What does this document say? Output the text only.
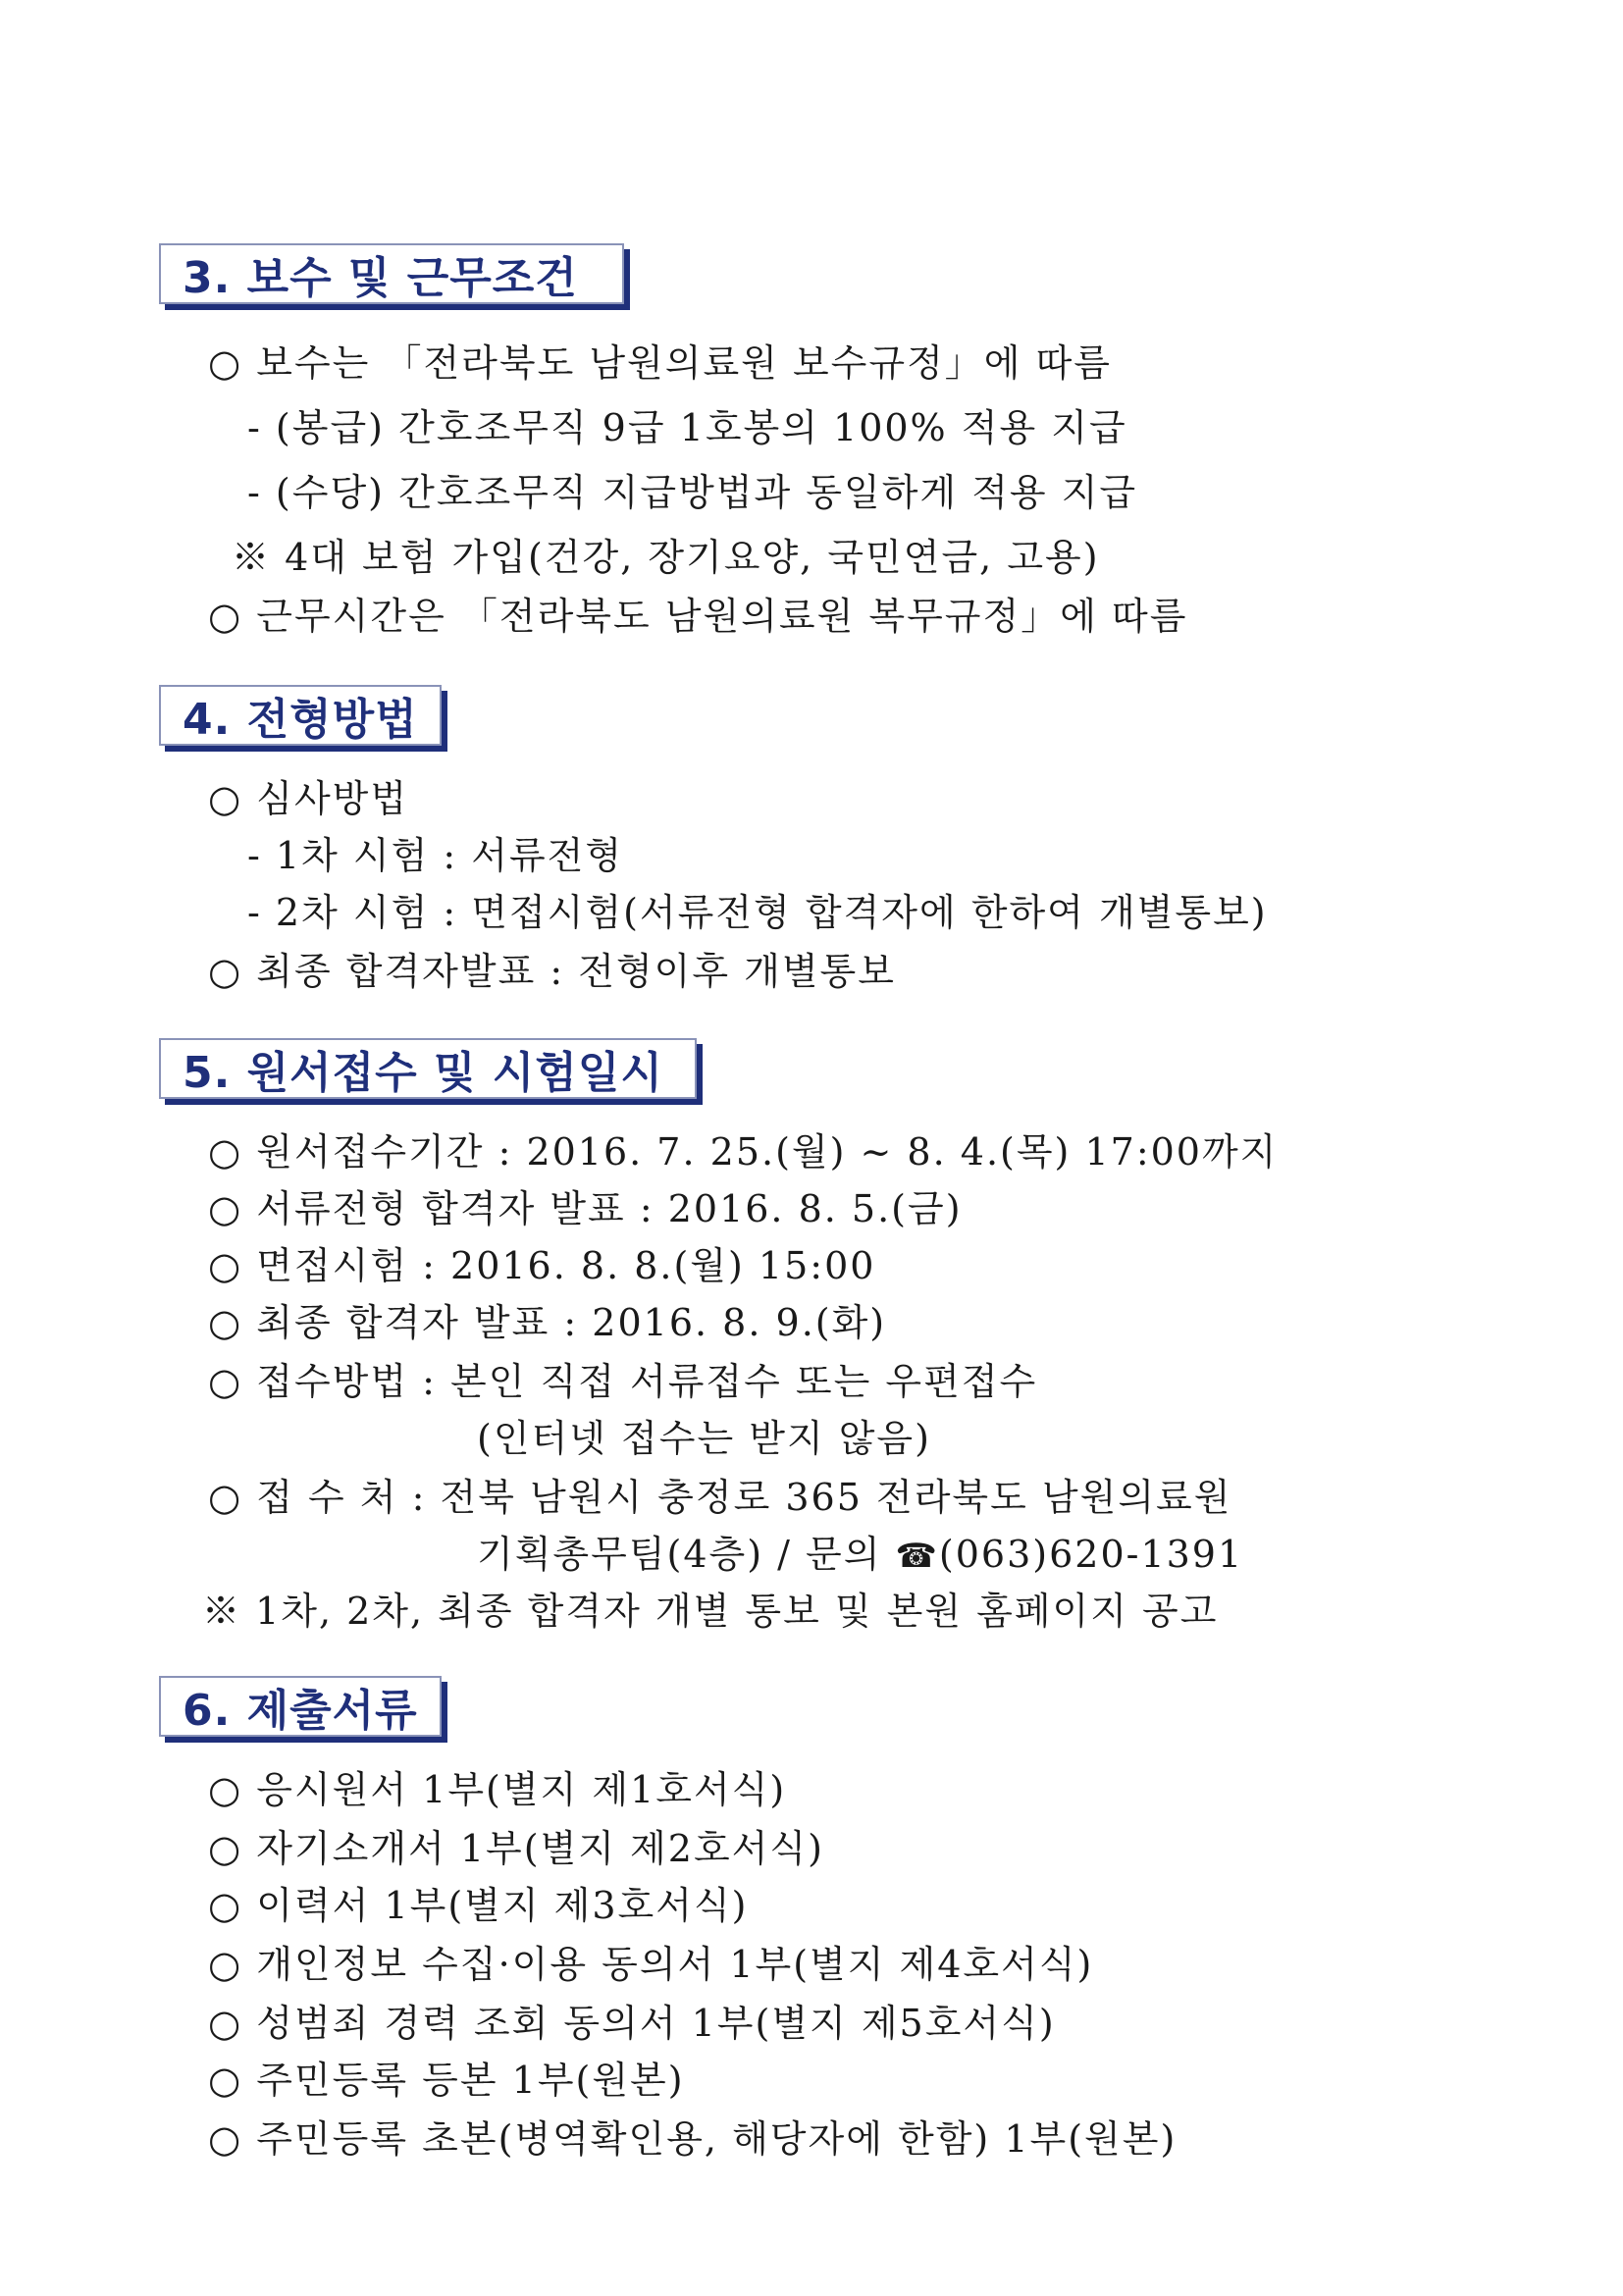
3. 보수 및 근무조건
○ 보수는 「전라북도 남원의료원 보수규정」에 따름
- (봉급) 간호조무직 9급 1호봉의 100% 적용 지급
- (수당) 간호조무직 지급방법과 동일하게 적용 지급
※ 4대 보험 가입(건강, 장기요양, 국민연금, 고용)
○ 근무시간은 「전라북도 남원의료원 복무규정」에 따름
4. 전형방법
○ 심사방법
- 1차 시험 : 서류전형
- 2차 시험 : 면접시험(서류전형 합격자에 한하여 개별통보)
○ 최종 합격자발표 : 전형이후 개별통보
5. 원서접수 및 시험일시
○ 원서접수기간 : 2016. 7. 25.(월) ~ 8. 4.(목) 17:00까지
○ 서류전형 합격자 발표 : 2016. 8. 5.(금)
○ 면접시험 : 2016. 8. 8.(월) 15:00
○ 최종 합격자 발표 : 2016. 8. 9.(화)
○ 접수방법 : 본인 직접 서류접수 또는 우편접수
(인터넷 접수는 받지 않음)
○ 접 수 처 : 전북 남원시 충정로 365 전라북도 남원의료원
기획총무팀(4층) / 문의 ☎(063)620-1391
※ 1차, 2차, 최종 합격자 개별 통보 및 본원 홈페이지 공고
6. 제출서류
○ 응시원서 1부(별지 제1호서식)
○ 자기소개서 1부(별지 제2호서식)
○ 이력서 1부(별지 제3호서식)
○ 개인정보 수집·이용 동의서 1부(별지 제4호서식)
○ 성범죄 경력 조회 동의서 1부(별지 제5호서식)
○ 주민등록 등본 1부(원본)
○ 주민등록 초본(병역확인용, 해당자에 한함) 1부(원본)
